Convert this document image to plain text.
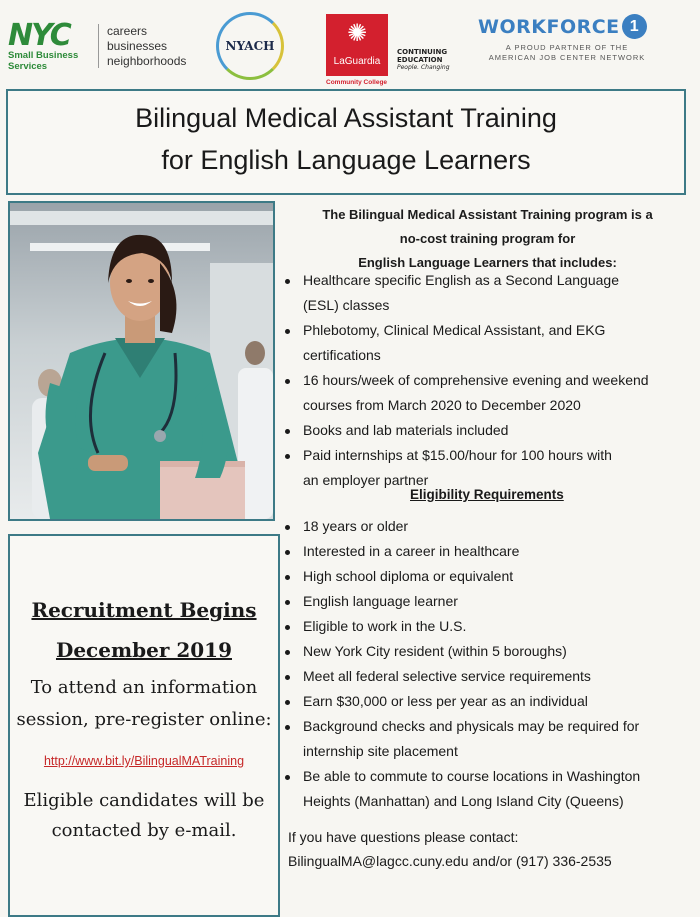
NYC
Small Business
Services
careers
businesses
neighborhoods
NYACH	✺
LaGuardia
Community College
CONTINUING
EDUCATION
People. Changing
WORKFORCE 1
A PROUD PARTNER OF THE
AMERICAN JOB CENTER NETWORK
Bilingual Medical Assistant Training
for English Language Learners
Recruitment Begins
December 2019
To attend an information
session, pre-register online:
http://www.bit.ly/BilingualMATraining
Eligible candidates will be
contacted by e-mail.
The Bilingual Medical Assistant Training program is a
no-cost training program for
English Language Learners that includes:
Healthcare specific English as a Second Language
(ESL) classes
Phlebotomy, Clinical Medical Assistant, and EKG
certifications
16 hours/week of comprehensive evening and weekend
courses from March 2020 to December 2020
Books and lab materials included
Paid internships at $15.00/hour for 100 hours with
an employer partner
Eligibility Requirements
18 years or older
Interested in a career in healthcare
High school diploma or equivalent
English language learner
Eligible to work in the U.S.
New York City resident (within 5 boroughs)
Meet all federal selective service requirements
Earn $30,000 or less per year as an individual
Background checks and physicals may be required for
internship site placement
Be able to commute to course locations in Washington
Heights (Manhattan) and Long Island City (Queens)
If you have questions please contact:
BilingualMA@lagcc.cuny.edu and/or (917) 336-2535
